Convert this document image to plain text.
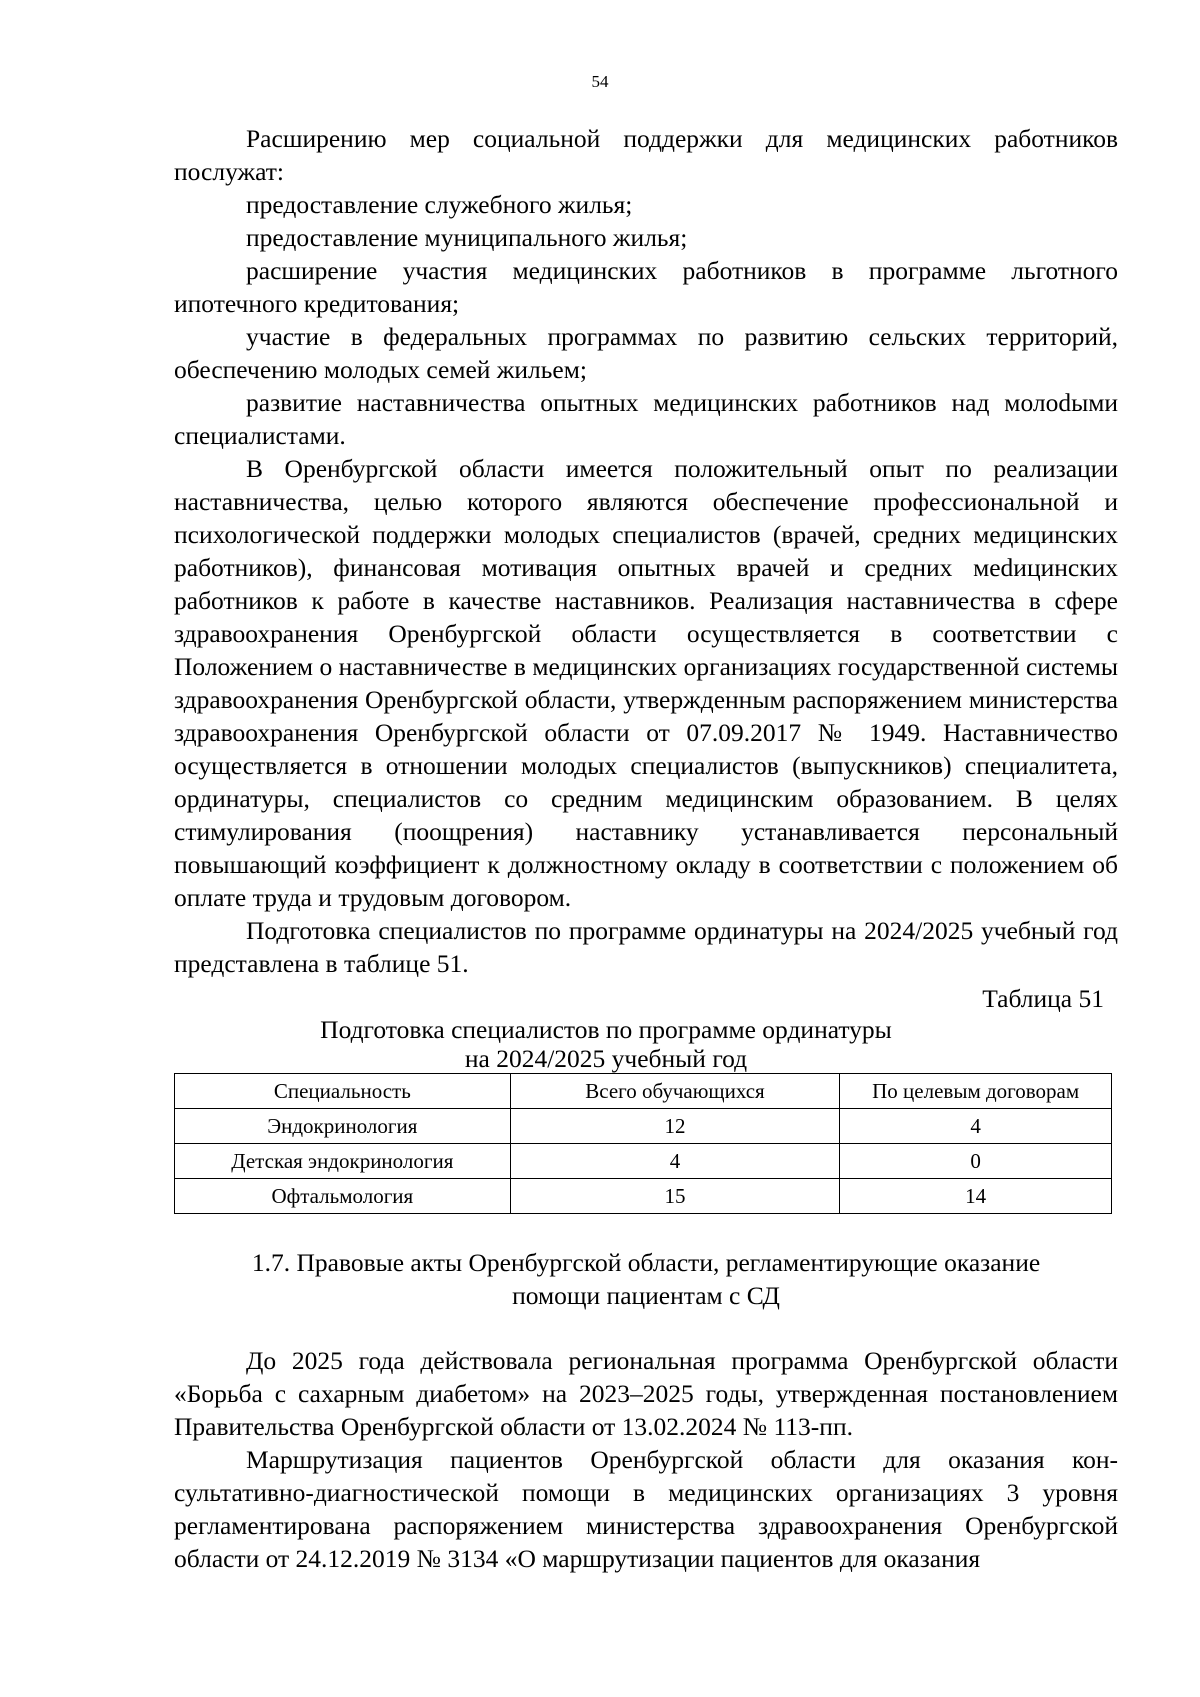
54

Расширению мер социальной поддержки для медицинских работников послужат:

предоставление служебного жилья;

предоставление муниципального жилья;

расширение участия медицинских работников в программе льготного ипотечного кредитования;

участие в федеральных программах по развитию сельских территорий, обеспечению молодых семей жильем;

развитие наставничества опытных медицинских работников над молоdыми специалистами.

В Оренбургской области имеется положительный опыт по реализации наставничества, целью которого являются обеспечение профессиональной и психологической поддержки молодых специалистов (врачей, средних медицинских работников), финансовая мотивация опытных врачей и средних меdицинских работников к работе в качестве наставников. Реализация наставничества в сфере здравоохранения Оренбургской области осуществляется в соответствии с Положением о наставничестве в медицинских организациях государственной системы здравоохранения Оренбургской области, утвержденным распоряжением министерства здравоохранения Оренбургской области от 07.09.2017 № 1949. Наставничество осуществляется в отношении молодых специалистов (выпускников) специалитета, ординатуры, специалистов со средним медицинским образованием. В целях стимулирования (поощрения) наставнику устанавливается персональный повышающий коэффициент к должностному окладу в соответствии с положением об оплате труда и трудовым договором.

Подготовка специалистов по программе ординатуры на 2024/2025 учебный год представлена в таблице 51.

Таблица 51
Подготовка специалистов по программе ординатуры
на 2024/2025 учебный год
Специальность	Всего обучающихся	По целевым договорам
Эндокринология	12	4
Детская эндокринология	4	0
Офтальмология	15	14
1.7. Правовые акты Оренбургской области, регламентирующие оказание
помощи пациентам с СД

До 2025 года действовала региональная программа Оренбургской области «Борьба с сахарным диабетом» на 2023–2025 годы, утвержденная постановлением Правительства Оренбургской области от 13.02.2024 № 113-пп.

Маршрутизация пациентов Оренбургской области для оказания консультативно-диагностической помощи в медицинских организациях 3 уровня регламентирована распоряжением министерства здравоохранения Оренбургской области от 24.12.2019 № 3134 «О маршрутизации пациентов для оказания
